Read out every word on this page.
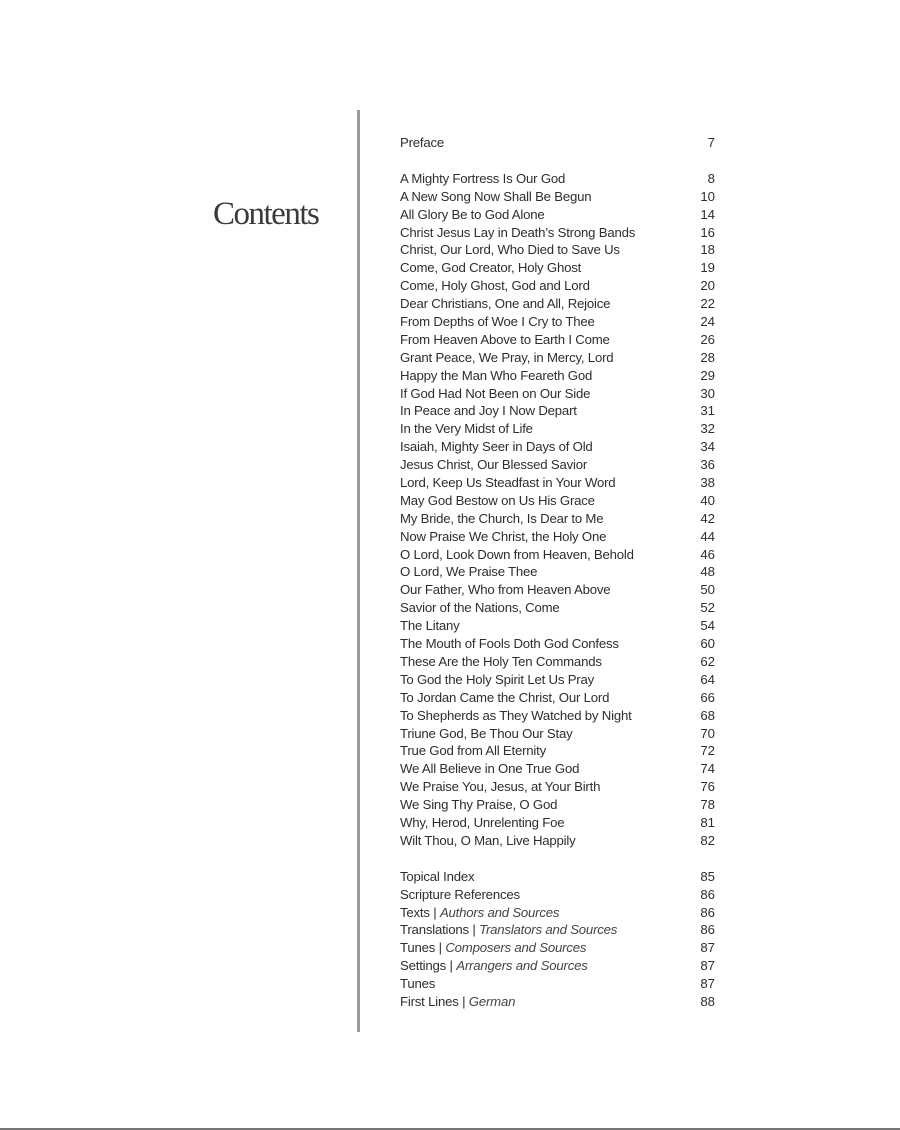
Contents
Preface	7
A Mighty Fortress Is Our God	8
A New Song Now Shall Be Begun	10
All Glory Be to God Alone	14
Christ Jesus Lay in Death’s Strong Bands	16
Christ, Our Lord, Who Died to Save Us	18
Come, God Creator, Holy Ghost	19
Come, Holy Ghost, God and Lord	20
Dear Christians, One and All, Rejoice	22
From Depths of Woe I Cry to Thee	24
From Heaven Above to Earth I Come	26
Grant Peace, We Pray, in Mercy, Lord	28
Happy the Man Who Feareth God	29
If God Had Not Been on Our Side	30
In Peace and Joy I Now Depart	31
In the Very Midst of Life	32
Isaiah, Mighty Seer in Days of Old	34
Jesus Christ, Our Blessed Savior	36
Lord, Keep Us Steadfast in Your Word	38
May God Bestow on Us His Grace	40
My Bride, the Church, Is Dear to Me	42
Now Praise We Christ, the Holy One	44
O Lord, Look Down from Heaven, Behold	46
O Lord, We Praise Thee	48
Our Father, Who from Heaven Above	50
Savior of the Nations, Come	52
The Litany	54
The Mouth of Fools Doth God Confess	60
These Are the Holy Ten Commands	62
To God the Holy Spirit Let Us Pray	64
To Jordan Came the Christ, Our Lord	66
To Shepherds as They Watched by Night	68
Triune God, Be Thou Our Stay	70
True God from All Eternity	72
We All Believe in One True God	74
We Praise You, Jesus, at Your Birth	76
We Sing Thy Praise, O God	78
Why, Herod, Unrelenting Foe	81
Wilt Thou, O Man, Live Happily	82
Topical Index	85
Scripture References	86
Texts | Authors and Sources	86
Translations | Translators and Sources	86
Tunes | Composers and Sources	87
Settings | Arrangers and Sources	87
Tunes	87
First Lines | German	88
